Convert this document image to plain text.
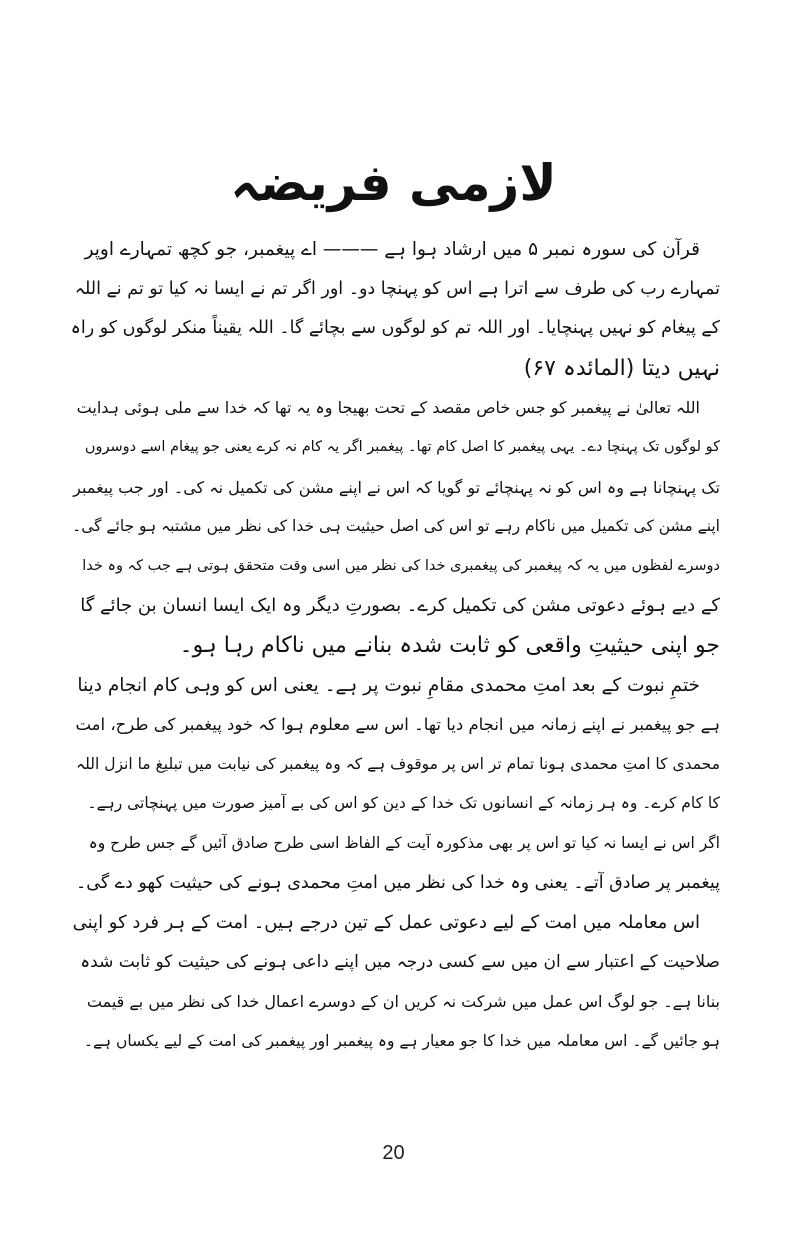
لازمی فریضہ
قرآن کی سورہ نمبر ۵ میں ارشاد ہوا ہے ——— اے پیغمبر، جو کچھ تمہارے اوپر
تمہارے رب کی طرف سے اترا ہے اس کو پہنچا دو۔ اور اگر تم نے ایسا نہ کیا تو تم نے اللہ
کے پیغام کو نہیں پہنچایا۔ اور اللہ تم کو لوگوں سے بچائے گا۔ اللہ یقیناً منکر لوگوں کو راہ
نہیں دیتا (المائدہ ۶۷)
اللہ تعالیٰ نے پیغمبر کو جس خاص مقصد کے تحت بھیجا وہ یہ تھا کہ خدا سے ملی ہوئی ہدایت
کو لوگوں تک پہنچا دے۔ یہی پیغمبر کا اصل کام تھا۔ پیغمبر اگر یہ کام نہ کرے یعنی جو پیغام اسے دوسروں
تک پہنچانا ہے وہ اس کو نہ پہنچائے تو گویا کہ اس نے اپنے مشن کی تکمیل نہ کی۔ اور جب پیغمبر
اپنے مشن کی تکمیل میں ناکام رہے تو اس کی اصل حیثیت ہی خدا کی نظر میں مشتبہ ہو جائے گی۔
دوسرے لفظوں میں یہ کہ پیغمبر کی پیغمبری خدا کی نظر میں اسی وقت متحقق ہوتی ہے جب کہ وہ خدا
کے دیے ہوئے دعوتی مشن کی تکمیل کرے۔ بصورتِ دیگر وہ ایک ایسا انسان بن جائے گا
جو اپنی حیثیتِ واقعی کو ثابت شدہ بنانے میں ناکام رہا ہو۔
ختمِ نبوت کے بعد امتِ محمدی مقامِ نبوت پر ہے۔ یعنی اس کو وہی کام انجام دینا
ہے جو پیغمبر نے اپنے زمانہ میں انجام دیا تھا۔ اس سے معلوم ہوا کہ خود پیغمبر کی طرح، امت
محمدی کا امتِ محمدی ہونا تمام تر اس پر موقوف ہے کہ وہ پیغمبر کی نیابت میں تبلیغ ما انزل اللہ
کا کام کرے۔ وہ ہر زمانہ کے انسانوں تک خدا کے دین کو اس کی بے آمیز صورت میں پہنچاتی رہے۔
اگر اس نے ایسا نہ کیا تو اس پر بھی مذکورہ آیت کے الفاظ اسی طرح صادق آئیں گے جس طرح وہ
پیغمبر پر صادق آتے۔ یعنی وہ خدا کی نظر میں امتِ محمدی ہونے کی حیثیت کھو دے گی۔
اس معاملہ میں امت کے لیے دعوتی عمل کے تین درجے ہیں۔ امت کے ہر فرد کو اپنی
صلاحیت کے اعتبار سے ان میں سے کسی درجہ میں اپنے داعی ہونے کی حیثیت کو ثابت شدہ
بنانا ہے۔ جو لوگ اس عمل میں شرکت نہ کریں ان کے دوسرے اعمال خدا کی نظر میں بے قیمت
ہو جائیں گے۔ اس معاملہ میں خدا کا جو معیار ہے وہ پیغمبر اور پیغمبر کی امت کے لیے یکساں ہے۔
20
